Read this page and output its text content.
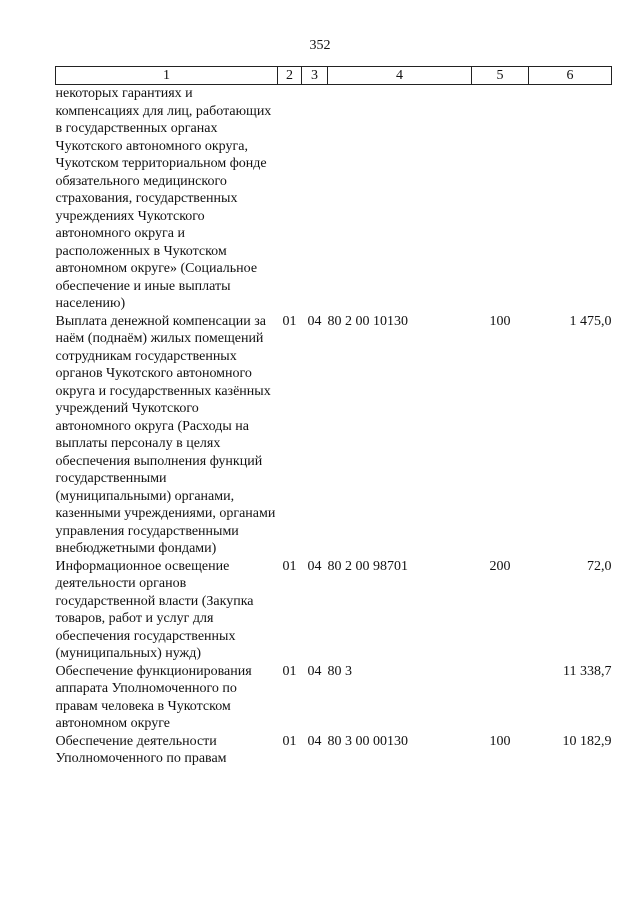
352
1	2	3	4	5	6
некоторых гарантиях и компенсациях для лиц, работающих в государственных органах Чукотского автономного округа, Чукотском территориальном фонде обязательного медицинского страхования, государственных учреждениях Чукотского автономного округа и расположенных в Чукотском автономном округе» (Социальное обеспечение и иные выплаты населению)					
Выплата денежной компенсации за наём (поднаём) жилых помещений сотрудникам государственных органов Чукотского автономного округа и государственных казённых учреждений Чукотского автономного округа (Расходы на выплаты персоналу в целях обеспечения выполнения функций государственными (муниципальными) органами, казенными учреждениями, органами управления государственными внебюджетными фондами)	01	04	80 2 00 10130	100	1 475,0
Информационное освещение деятельности органов государственной власти (Закупка товаров, работ и услуг для обеспечения государственных (муниципальных) нужд)	01	04	80 2 00 98701	200	72,0
Обеспечение функционирования аппарата Уполномоченного по правам человека в Чукотском автономном округе	01	04	80 3		11 338,7
Обеспечение деятельности Уполномоченного по правам	01	04	80 3 00 00130	100	10 182,9
